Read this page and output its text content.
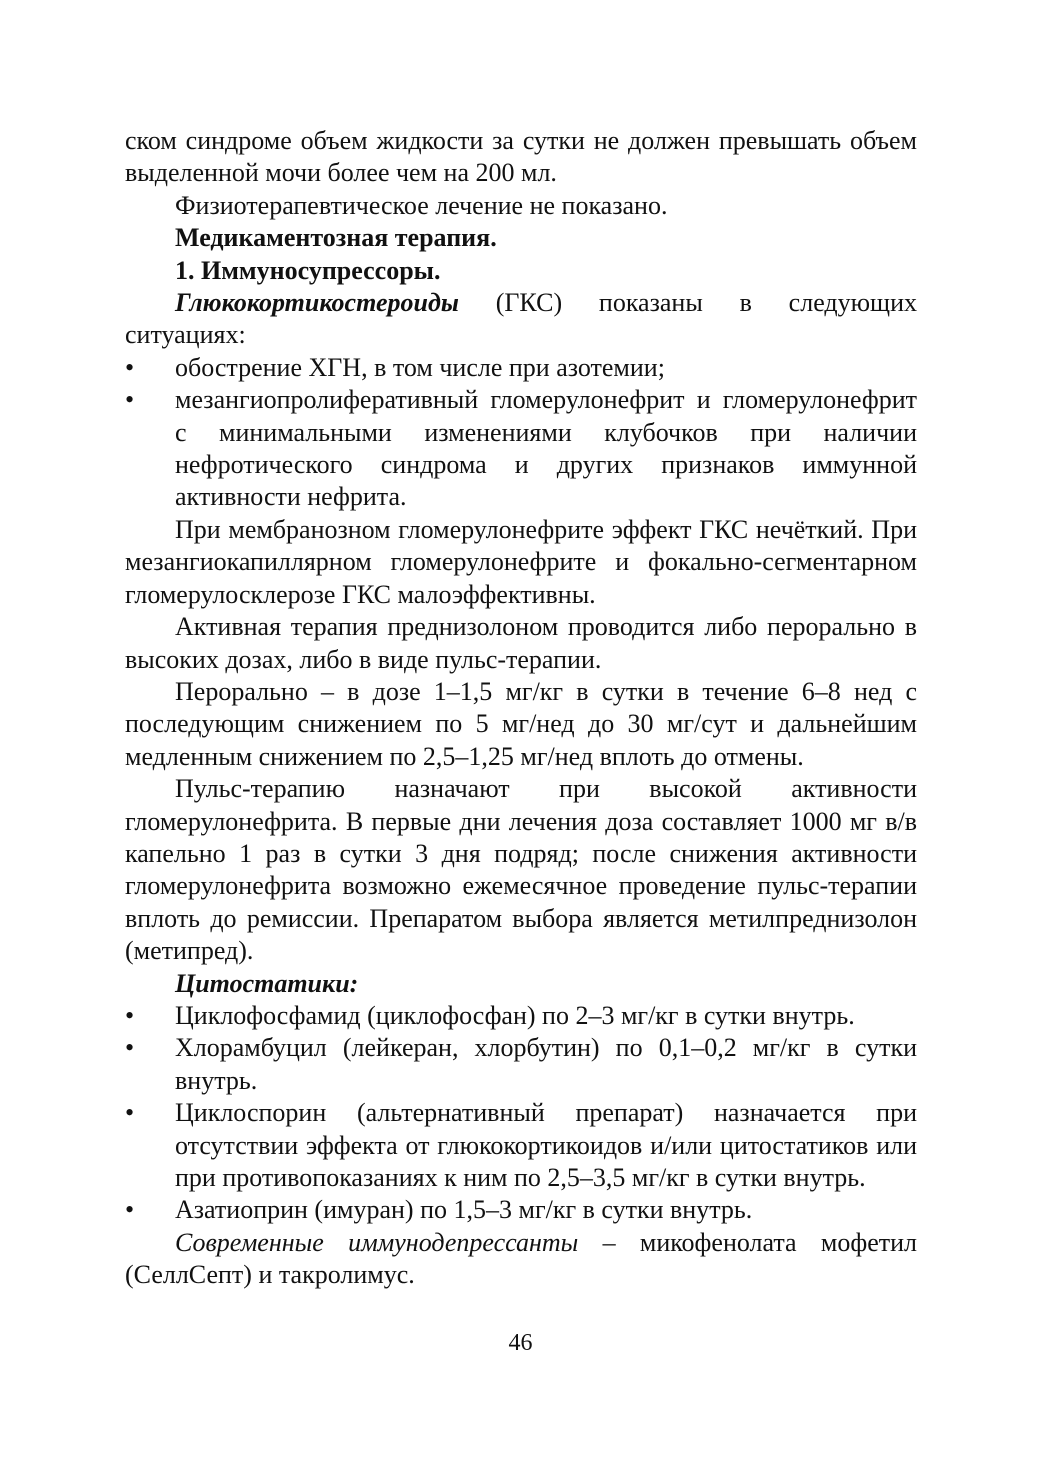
ском синдроме объем жидкости за сутки не должен превышать объем выделенной мочи более чем на 200 мл.

Физиотерапевтическое лечение не показано.

Медикаментозная терапия.

1. Иммуносупрессоры.

Глюкокортикостероиды (ГКС) показаны в следующих ситуациях:

• обострение ХГН, в том числе при азотемии;
• мезангиопролиферативный гломерулонефрит и гломерулонефрит с минимальными изменениями клубочков при наличии нефротического синдрома и других признаков иммунной активности нефрита.

При мембранозном гломерулонефрите эффект ГКС нечёткий. При мезангиокапиллярном гломерулонефрите и фокально-сегментарном гломерулосклерозе ГКС малоэффективны.

Активная терапия преднизолоном проводится либо перорально в высоких дозах, либо в виде пульс-терапии.

Перорально – в дозе 1–1,5 мг/кг в сутки в течение 6–8 нед с последующим снижением по 5 мг/нед до 30 мг/сут и дальнейшим медленным снижением по 2,5–1,25 мг/нед вплоть до отмены.

Пульс-терапию назначают при высокой активности гломерулонефрита. В первые дни лечения доза составляет 1000 мг в/в капельно 1 раз в сутки 3 дня подряд; после снижения активности гломерулонефрита возможно ежемесячное проведение пульс-терапии вплоть до ремиссии. Препаратом выбора является метилпреднизолон (метипред).

Цитостатики:

• Циклофосфамид (циклофосфан) по 2–3 мг/кг в сутки внутрь.
• Хлорамбуцил (лейкеран, хлорбутин) по 0,1–0,2 мг/кг в сутки внутрь.
• Циклоспорин (альтернативный препарат) назначается при отсутствии эффекта от глюкокортикоидов и/или цитостатиков или при противопоказаниях к ним по 2,5–3,5 мг/кг в сутки внутрь.
• Азатиоприн (имуран) по 1,5–3 мг/кг в сутки внутрь.

Современные иммунодепрессанты – микофенолата мофетил (СеллСепт) и такролимус.

46
